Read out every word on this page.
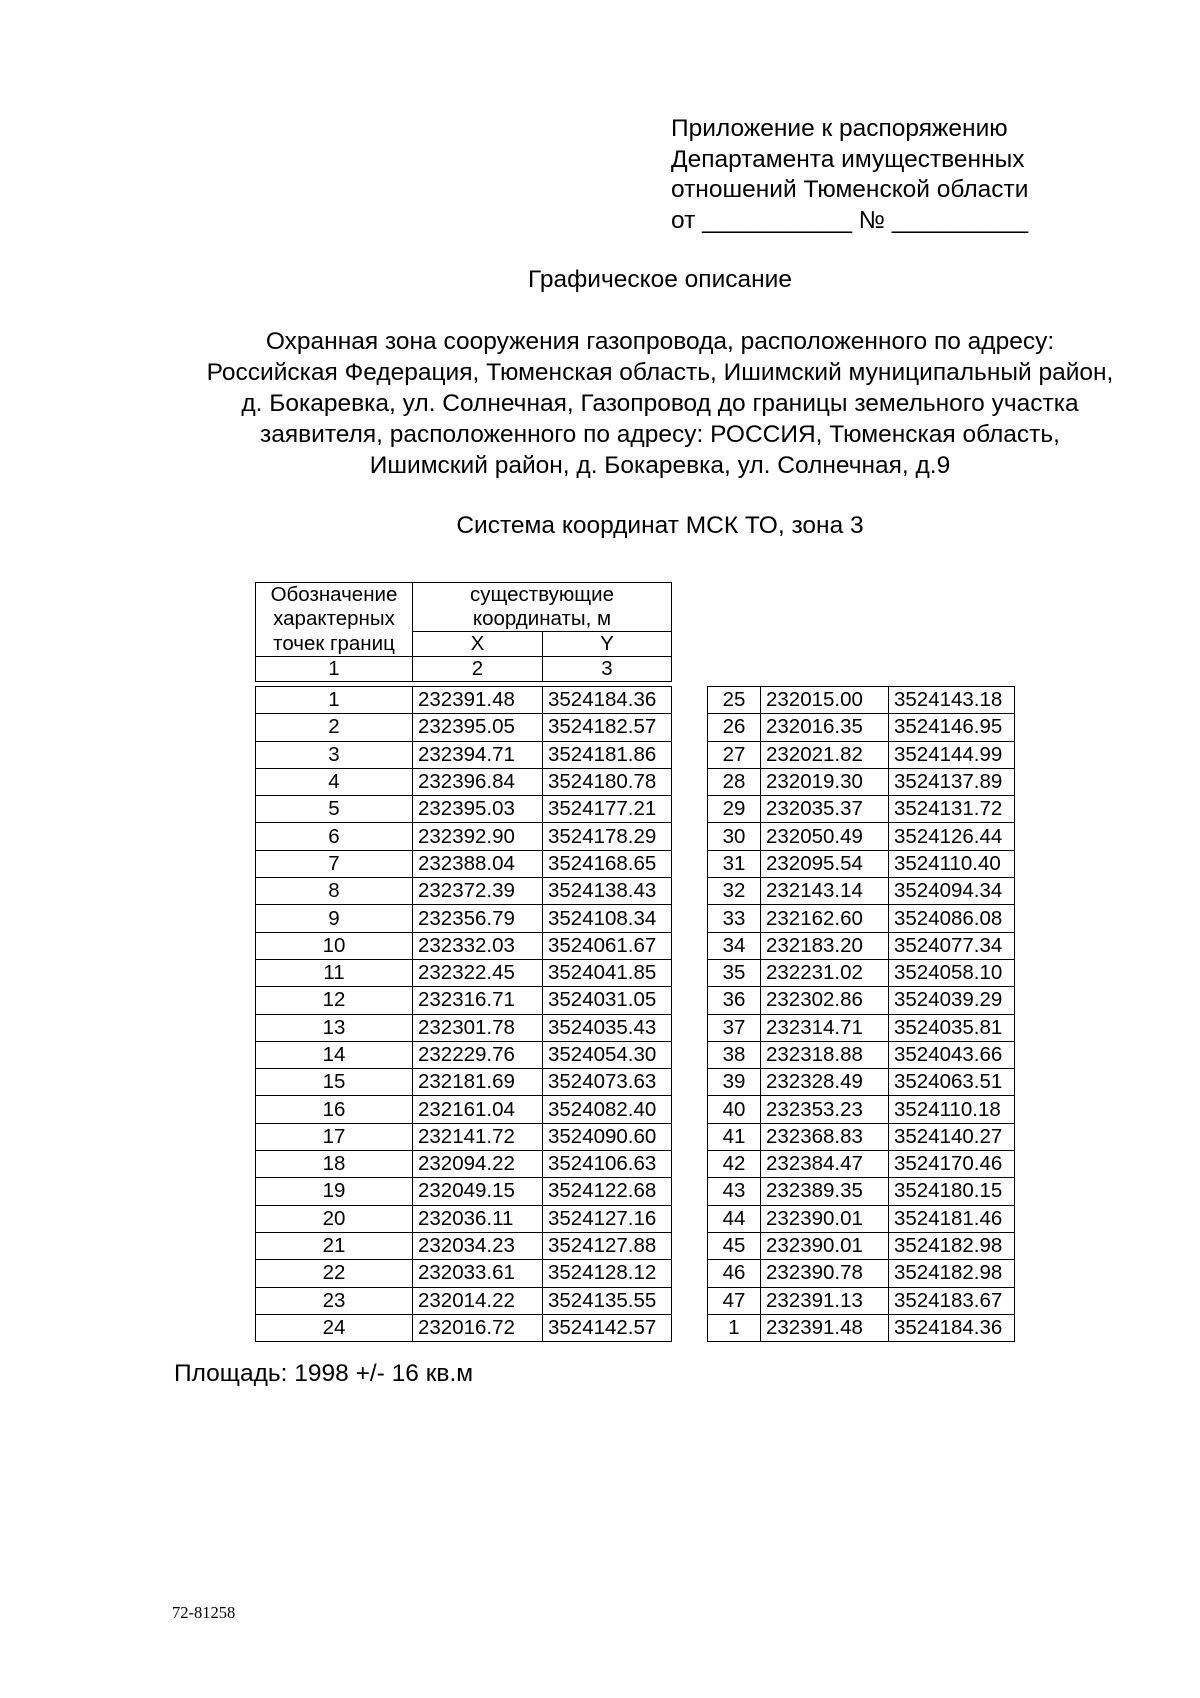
Приложение к распоряжению
Департамента имущественных
отношений Тюменской области
от ___________ № __________
Графическое описание
Охранная зона сооружения газопровода, расположенного по адресу:
Российская Федерация, Тюменская область, Ишимский муниципальный район,
д. Бокаревка, ул. Солнечная, Газопровод до границы земельного участка
заявителя, расположенного по адресу: РОССИЯ, Тюменская область,
Ишимский район, д. Бокаревка, ул. Солнечная, д.9
Система координат МСК ТО, зона 3
Обозначение	существующие	
характерных	координаты, м	
точек границ	X	Y
1	2	3
1	232391.48	3524184.36
2	232395.05	3524182.57
3	232394.71	3524181.86
4	232396.84	3524180.78
5	232395.03	3524177.21
6	232392.90	3524178.29
7	232388.04	3524168.65
8	232372.39	3524138.43
9	232356.79	3524108.34
10	232332.03	3524061.67
11	232322.45	3524041.85
12	232316.71	3524031.05
13	232301.78	3524035.43
14	232229.76	3524054.30
15	232181.69	3524073.63
16	232161.04	3524082.40
17	232141.72	3524090.60
18	232094.22	3524106.63
19	232049.15	3524122.68
20	232036.11	3524127.16
21	232034.23	3524127.88
22	232033.61	3524128.12
23	232014.22	3524135.55
24	232016.72	3524142.57
25	232015.00	3524143.18
26	232016.35	3524146.95
27	232021.82	3524144.99
28	232019.30	3524137.89
29	232035.37	3524131.72
30	232050.49	3524126.44
31	232095.54	3524110.40
32	232143.14	3524094.34
33	232162.60	3524086.08
34	232183.20	3524077.34
35	232231.02	3524058.10
36	232302.86	3524039.29
37	232314.71	3524035.81
38	232318.88	3524043.66
39	232328.49	3524063.51
40	232353.23	3524110.18
41	232368.83	3524140.27
42	232384.47	3524170.46
43	232389.35	3524180.15
44	232390.01	3524181.46
45	232390.01	3524182.98
46	232390.78	3524182.98
47	232391.13	3524183.67
1	232391.48	3524184.36
Площадь: 1998 +/- 16 кв.м
72-81258
